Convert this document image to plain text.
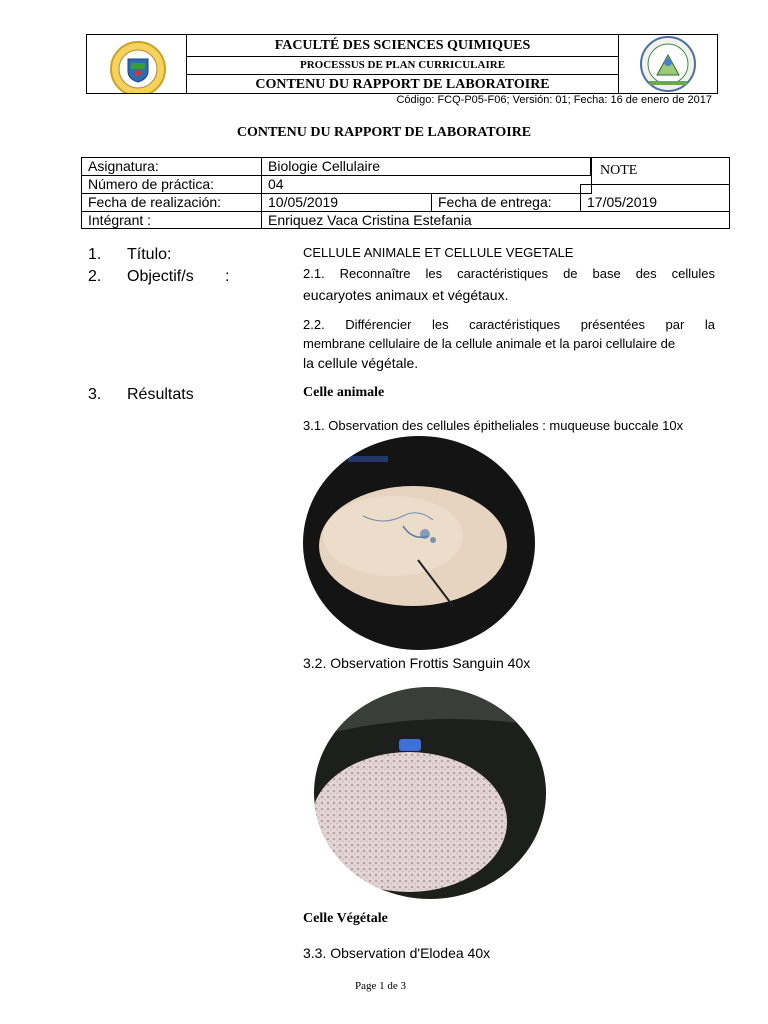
FACULTÉ DES SCIENCES QUIMIQUES
PROCESSUS DE PLAN CURRICULAIRE
CONTENU DU RAPPORT DE LABORATOIRE
Código: FCQ-P05-F06; Versión: 01; Fecha: 16 de enero de 2017
CONTENU DU RAPPORT DE LABORATOIRE
Asignatura:	Biologie Cellulaire	NOTE
Número de práctica:	04
Fecha de realización:	10/05/2019	Fecha de entrega:	17/05/2019
Intégrant :	Enriquez Vaca Cristina Estefania
1. Título:	CELLULE ANIMALE ET CELLULE VEGETALE
2. Objectif/s :	2.1. Reconnaître les caractéristiques de base des cellules
eucaryotes animaux et végétaux.
2.2. Différencier les caractéristiques présentées par la
membrane cellulaire de la cellule animale et la paroi cellulaire de
la cellule végétale.
3. Résultats	Celle animale
3.1. Observation des cellules épitheliales : muqueuse buccale 10x
3.2. Observation Frottis Sanguin 40x
Celle Végétale
3.3. Observation d'Elodea 40x
Page 1 de 3
